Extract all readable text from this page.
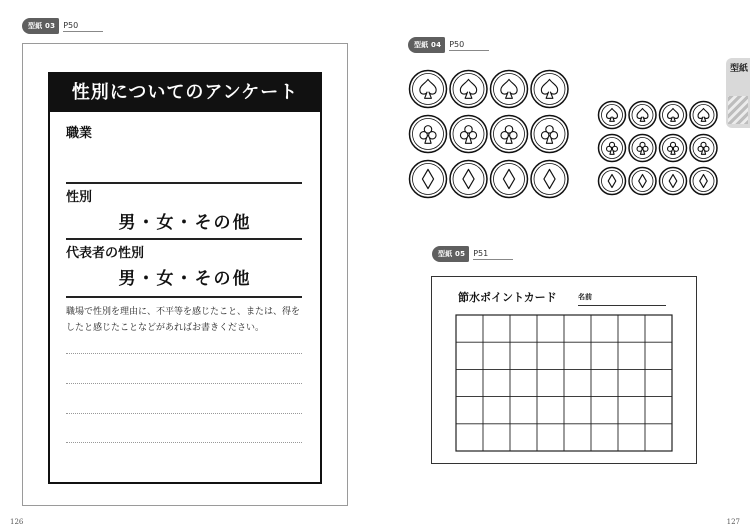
型紙 03	P50
性別についてのアンケート
職業
性別
男・女・その他
代表者の性別
男・女・その他
職場で性別を理由に、不平等を感じたこと、または、得をしたと感じたことなどがあればお書きください。
126
型紙 04	P50
型紙
型紙 05	P51
節水ポイントカード	名前
127
